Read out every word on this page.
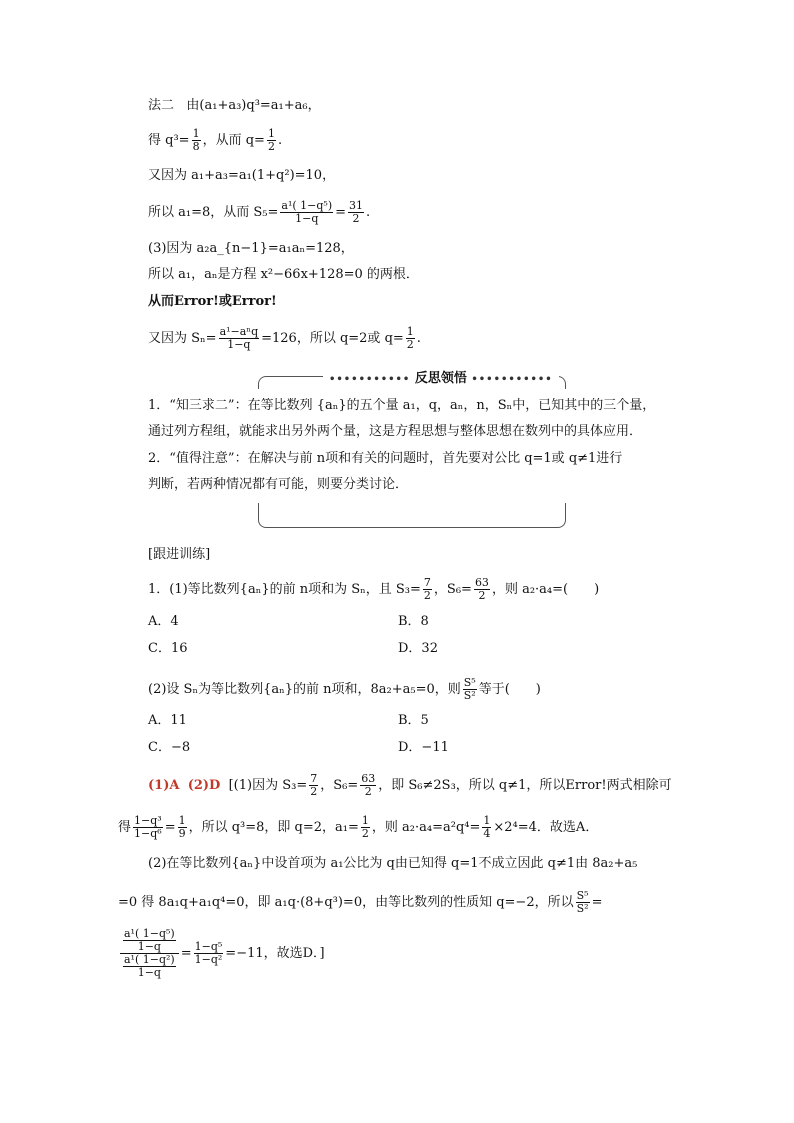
法二 由(a₁+a₃)q³=a₁+a₆，
得 $q^3= \frac{1}{8}$ ，从而 $q= \frac{1}{2}$ .
又因为 a₁+a₃=a₁(1+q²)=10，
所以 a₁=8，从而 $S_5= \frac{\text{a¹( 1−q⁵)}}{1-q} = \frac{31}{2}$ .
(3)因为 a₂a_{n−1}=a₁aₙ=128，
所以 a₁，aₙ是方程 x²−66x+128=0 的两根．
从而Error!或Error!
又因为 $S_n= \frac{\text{a¹−aⁿq}}{1-q} =126$，所以 q=2或 $q= \frac{1}{2}$ .
••••••••••• 反思领悟 •••••••••••
1．“知三求二”：在等比数列 {aₙ}的五个量 a₁，q，aₙ，n，Sₙ中，已知其中的三个量，
通过列方程组，就能求出另外两个量，这是方程思想与整体思想在数列中的具体应用．
2．“值得注意”：在解决与前 n项和有关的问题时，首先要对公比 q=1或 q≠1进行
判断，若两种情况都有可能，则要分类讨论．
[跟进训练]
1．(1)等比数列{aₙ}的前 n项和为 Sₙ，且 $S_3= \frac{7}{2}$ ，$S_6= \frac{63}{2}$ ，则 a₂·a₄=(　　)
A．4	B．8
C．16	D．32
(2)设 Sₙ为等比数列{aₙ}的前 n项和，8a₂+a₅=0，则 $\frac{\text{S⁵}}{\text{S²}}$ 等于(　　)
A．11	B．5
C．−8	D．−11
(1)A (2)D [(1)因为 $S_3= \frac{7}{2}$ ，$S_6= \frac{63}{2}$ ，即 S₆≠2S₃，所以 q≠1，所以Error!两式相除可
得 $\frac{\text{1−q³}}{\text{1−q⁶}} = \frac{1}{9}$ ，所以 q³=8，即 q=2，$a_1= \frac{1}{2}$ ，则 $a_2\cdot a_4=a^2q^4= \frac{1}{4} \times 2^4=4$．故选A．
(2)在等比数列{aₙ}中设首项为 a₁公比为 q由已知得 q=1不成立因此 q≠1由 8a₂+a₅
=0 得 8a₁q+a₁q⁴=0，即 a₁q·(8+q³)=0，由等比数列的性质知 q=−2，所以 $\frac{\text{S⁵}}{\text{S²}}$ =
$\frac{\frac{\text{a¹( 1−q⁵)}}{1-q}}{\frac{\text{a¹( 1−q²)}}{1-q}} = \frac{\text{1−q⁵}}{\text{1−q²}} =-11$，故选D．]
